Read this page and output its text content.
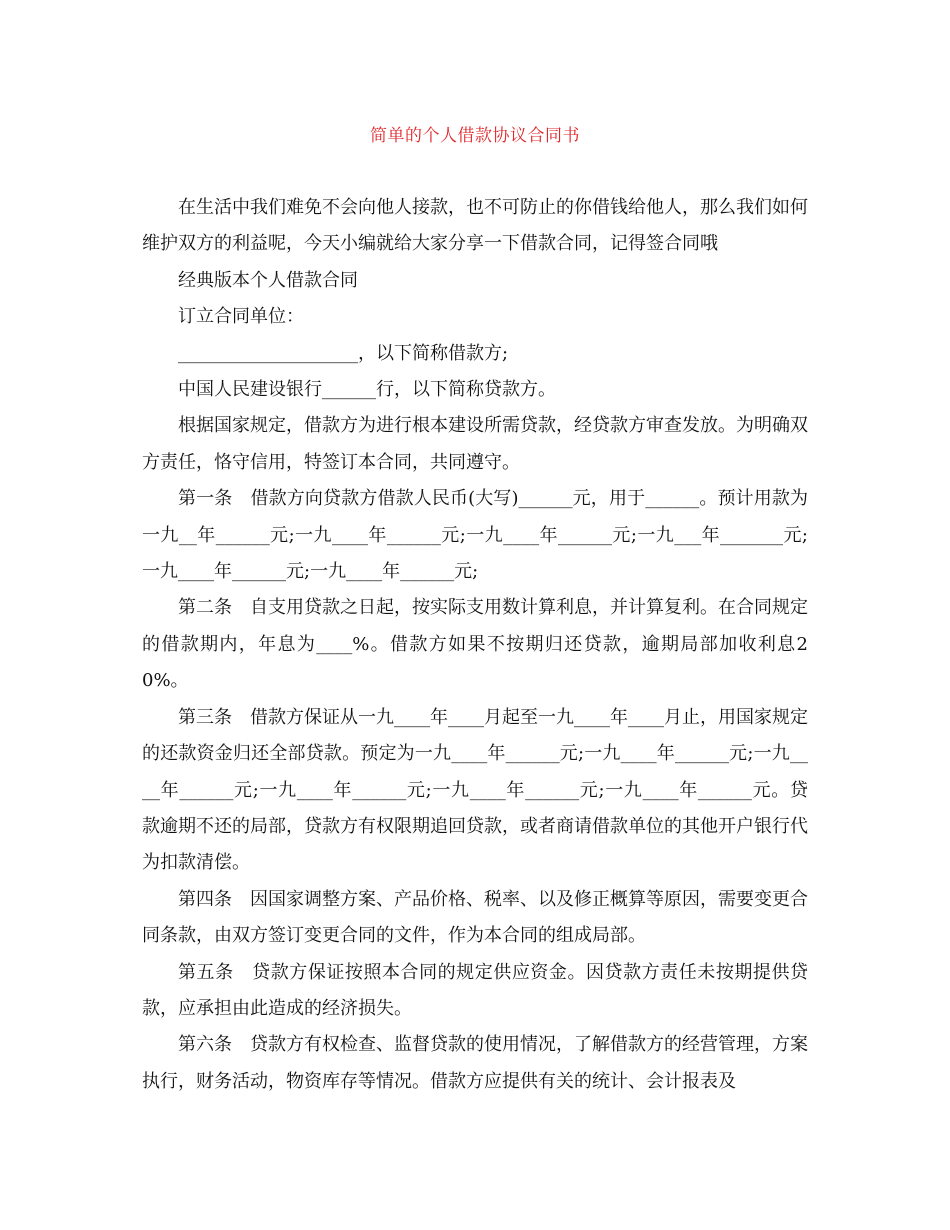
简单的个人借款协议合同书

在生活中我们难免不会向他人接款，也不可防止的你借钱给他人，那么我们如何维护双方的利益呢，今天小编就给大家分享一下借款合同，记得签合同哦

经典版本个人借款合同

订立合同单位：

____________________，以下简称借款方;

中国人民建设银行______行，以下简称贷款方。

根据国家规定，借款方为进行根本建设所需贷款，经贷款方审查发放。为明确双方责任，恪守信用，特签订本合同，共同遵守。

第一条　借款方向贷款方借款人民币(大写)______元，用于______。预计用款为一九__年______元;一九____年______元;一九____年______元;一九___年_______元;一九____年______元;一九____年______元;

第二条　自支用贷款之日起，按实际支用数计算利息，并计算复利。在合同规定的借款期内，年息为____%。借款方如果不按期归还贷款，逾期局部加收利息20%。

第三条　借款方保证从一九____年____月起至一九____年____月止，用国家规定的还款资金归还全部贷款。预定为一九____年______元;一九____年______元;一九____年______元;一九____年______元;一九____年______元;一九____年______元。贷款逾期不还的局部，贷款方有权限期追回贷款，或者商请借款单位的其他开户银行代为扣款清偿。

第四条　因国家调整方案、产品价格、税率、以及修正概算等原因，需要变更合同条款，由双方签订变更合同的文件，作为本合同的组成局部。

第五条　贷款方保证按照本合同的规定供应资金。因贷款方责任未按期提供贷款，应承担由此造成的经济损失。

第六条　贷款方有权检查、监督贷款的使用情况，了解借款方的经营管理，方案执行，财务活动，物资库存等情况。借款方应提供有关的统计、会计报表及
